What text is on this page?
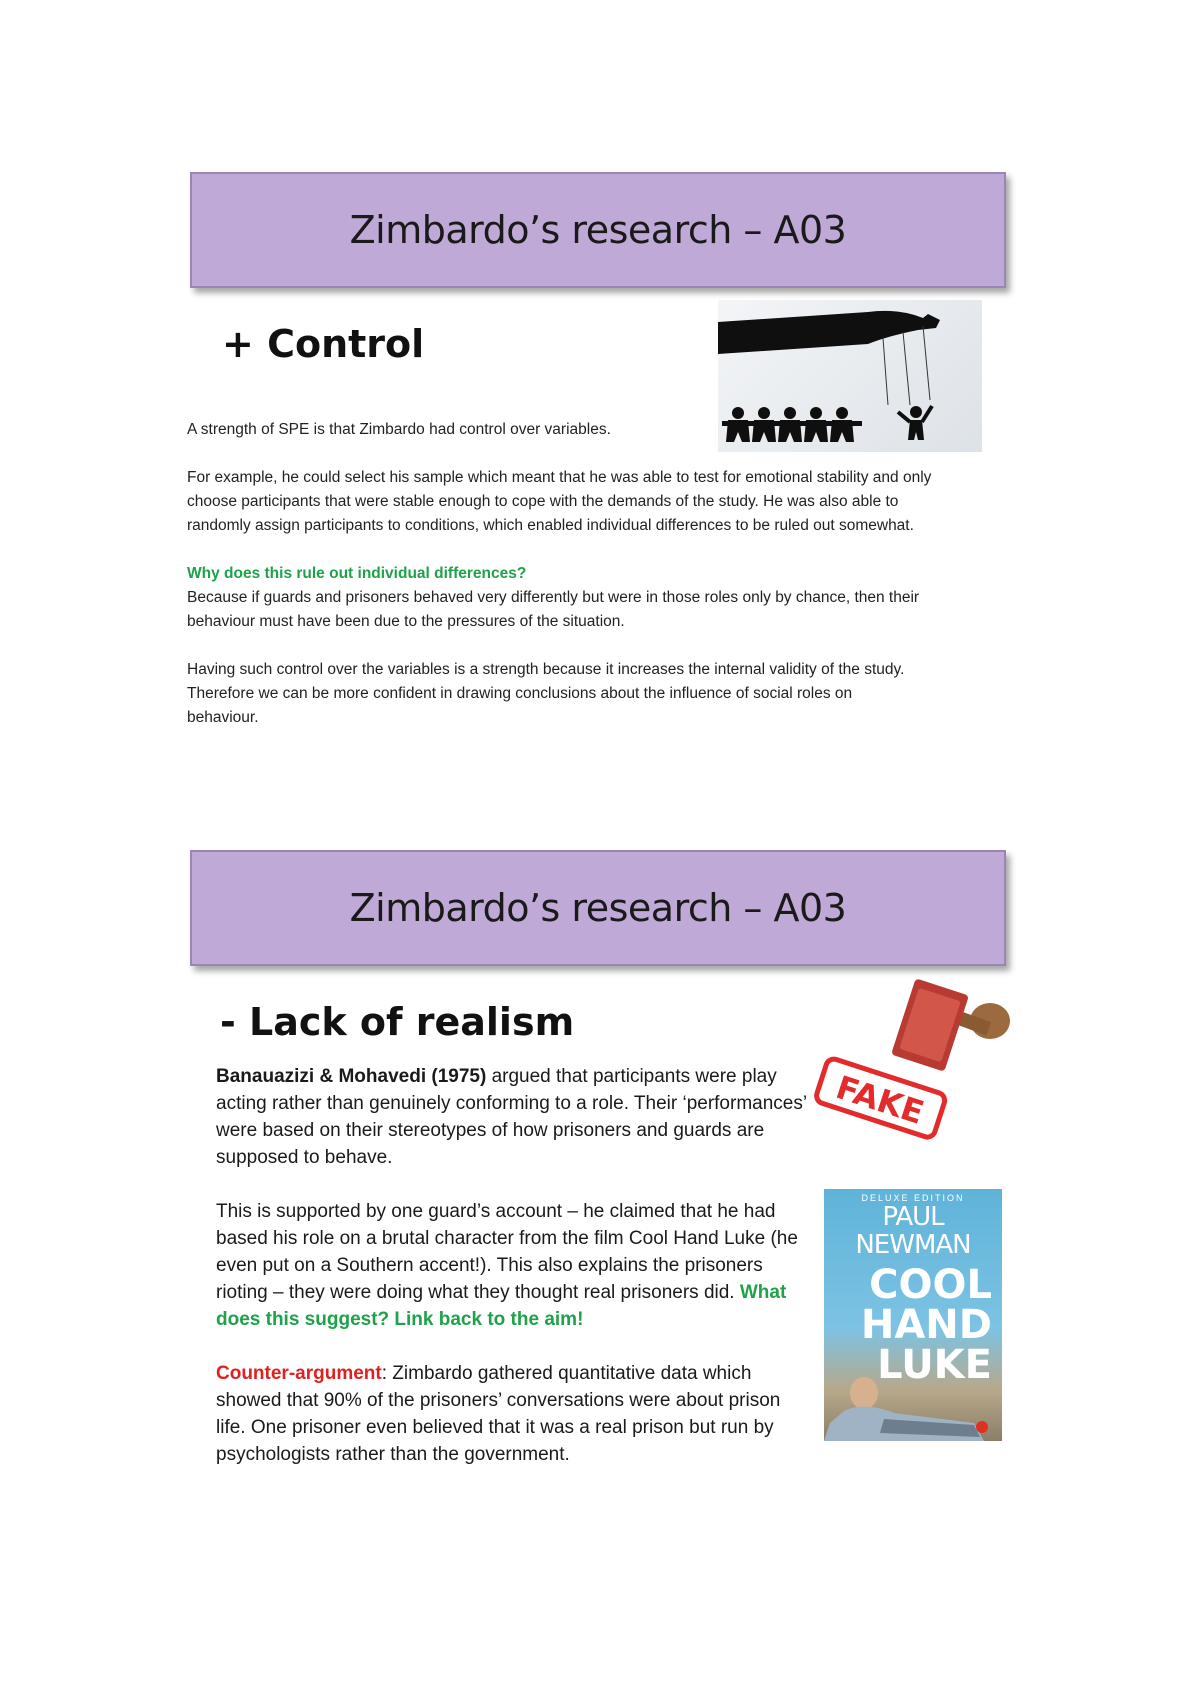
Zimbardo’s research – A03
+ Control

A strength of SPE is that Zimbardo had control over variables.

For example, he could select his sample which meant that he was able to test for emotional stability and only choose participants that were stable enough to cope with the demands of the study. He was also able to randomly assign participants to conditions, which enabled individual differences to be ruled out somewhat.

Why does this rule out individual differences?

Because if guards and prisoners behaved very differently but were in those roles only by chance, then their behaviour must have been due to the pressures of the situation.

Having such control over the variables is a strength because it increases the internal validity of the study. Therefore we can be more confident in drawing conclusions about the influence of social roles on behaviour.

Zimbardo’s research – A03
- Lack of realism
FAKE
DELUXE EDITION
PAUL NEWMAN
COOL
HAND
LUKE

Banauazizi & Mohavedi (1975) argued that participants were play acting rather than genuinely conforming to a role. Their ‘performances’ were based on their stereotypes of how prisoners and guards are supposed to behave.

This is supported by one guard’s account – he claimed that he had based his role on a brutal character from the film Cool Hand Luke (he even put on a Southern accent!). This also explains the prisoners rioting – they were doing what they thought real prisoners did. What does this suggest? Link back to the aim!

Counter-argument: Zimbardo gathered quantitative data which showed that 90% of the prisoners’ conversations were about prison life. One prisoner even believed that it was a real prison but run by psychologists rather than the government.
